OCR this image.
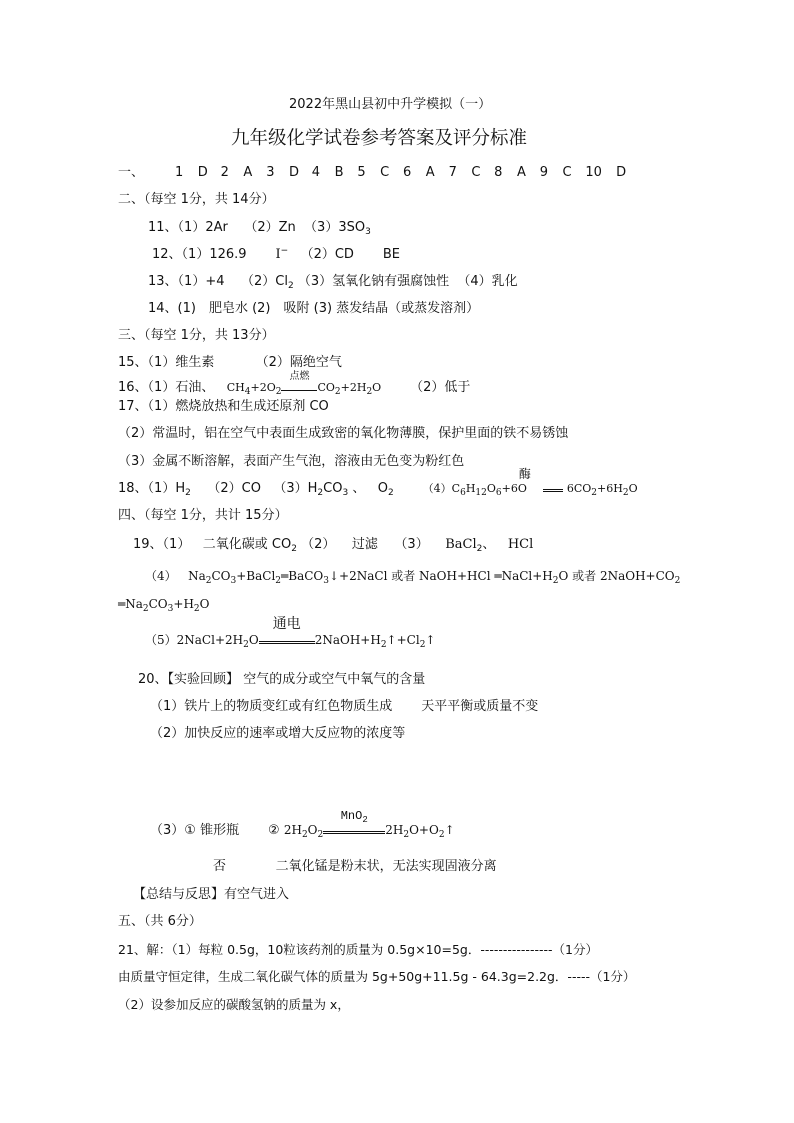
2022年黑山县初中升学模拟（一）
九年级化学试卷参考答案及评分标准
一、 1 D 2 A 3 D 4 B 5 C 6 A 7 C 8 A 9 C 10 D
二、（每空 1分，共 14分）
11、（1）2Ar （2）Zn $(3)3SO_3$
12、（1）126.9 I− （2）CD BE
13、（1）+4 $(2)Cl_2$ （3）氢氧化钠有强腐蚀性 （4）乳化
14、(1)　肥皂水 (2)　吸附 (3) 蒸发结晶（或蒸发溶剂）
三、（每空 1分，共 13分）
15、（1）维生素	（2）隔绝空气
16、（1）石油、 $CH_4+2O_2$
点燃
$CO_2+2H_2O$ （2）低于
17、（1）燃烧放热和生成还原剂 CO
（2）常温时，铝在空气中表面生成致密的氧化物薄膜，保护里面的铁不易锈蚀
（3）金属不断溶解，表面产生气泡，溶液由无色变为粉红色
18、$(1)H_2$ （2）CO $(3)H_2CO_3$ 、 $O_2$	$(4)C_6H_{12}O_6+6O$
酶
$6CO_2+6H_2O$
四、（每空 1分，共计 15分）
19、（1） 二氧化碳或 $CO_2$ （2） 过滤 （3） BaCl$_2$、 HCl
（4） $Na_2CO_3+BaCl_2═BaCO_3↓+2NaCl$ 或者 NaOH+HCl $═NaCl+H_2O$ 或者 $2NaOH+CO_2$
$═Na_2CO_3+H_2O$
$(5)2NaCl+2H_2O$
通电
$2NaOH+H_2↑+Cl_2↑$
20、【实验回顾】 空气的成分或空气中氧气的含量
（1）铁片上的物质变红或有红色物质生成 天平平衡或质量不变
（2）加快反应的速率或增大反应物的浓度等
（3）① 锥形瓶 ② $2H_2O_2$
MnO$_2$
$2H_2O+O_2↑$
否	二氧化锰是粉末状，无法实现固液分离
【总结与反思】有空气进入
五、（共 6分）
21、解：（1）每粒 0.5g，10粒该药剂的质量为 0.5g×10=5g．----------------（1分）
由质量守恒定律，生成二氧化碳气体的质量为 5g+50g+11.5g - 64.3g=2.2g．-----（1分）
（2）设参加反应的碳酸氢钠的质量为 x，
